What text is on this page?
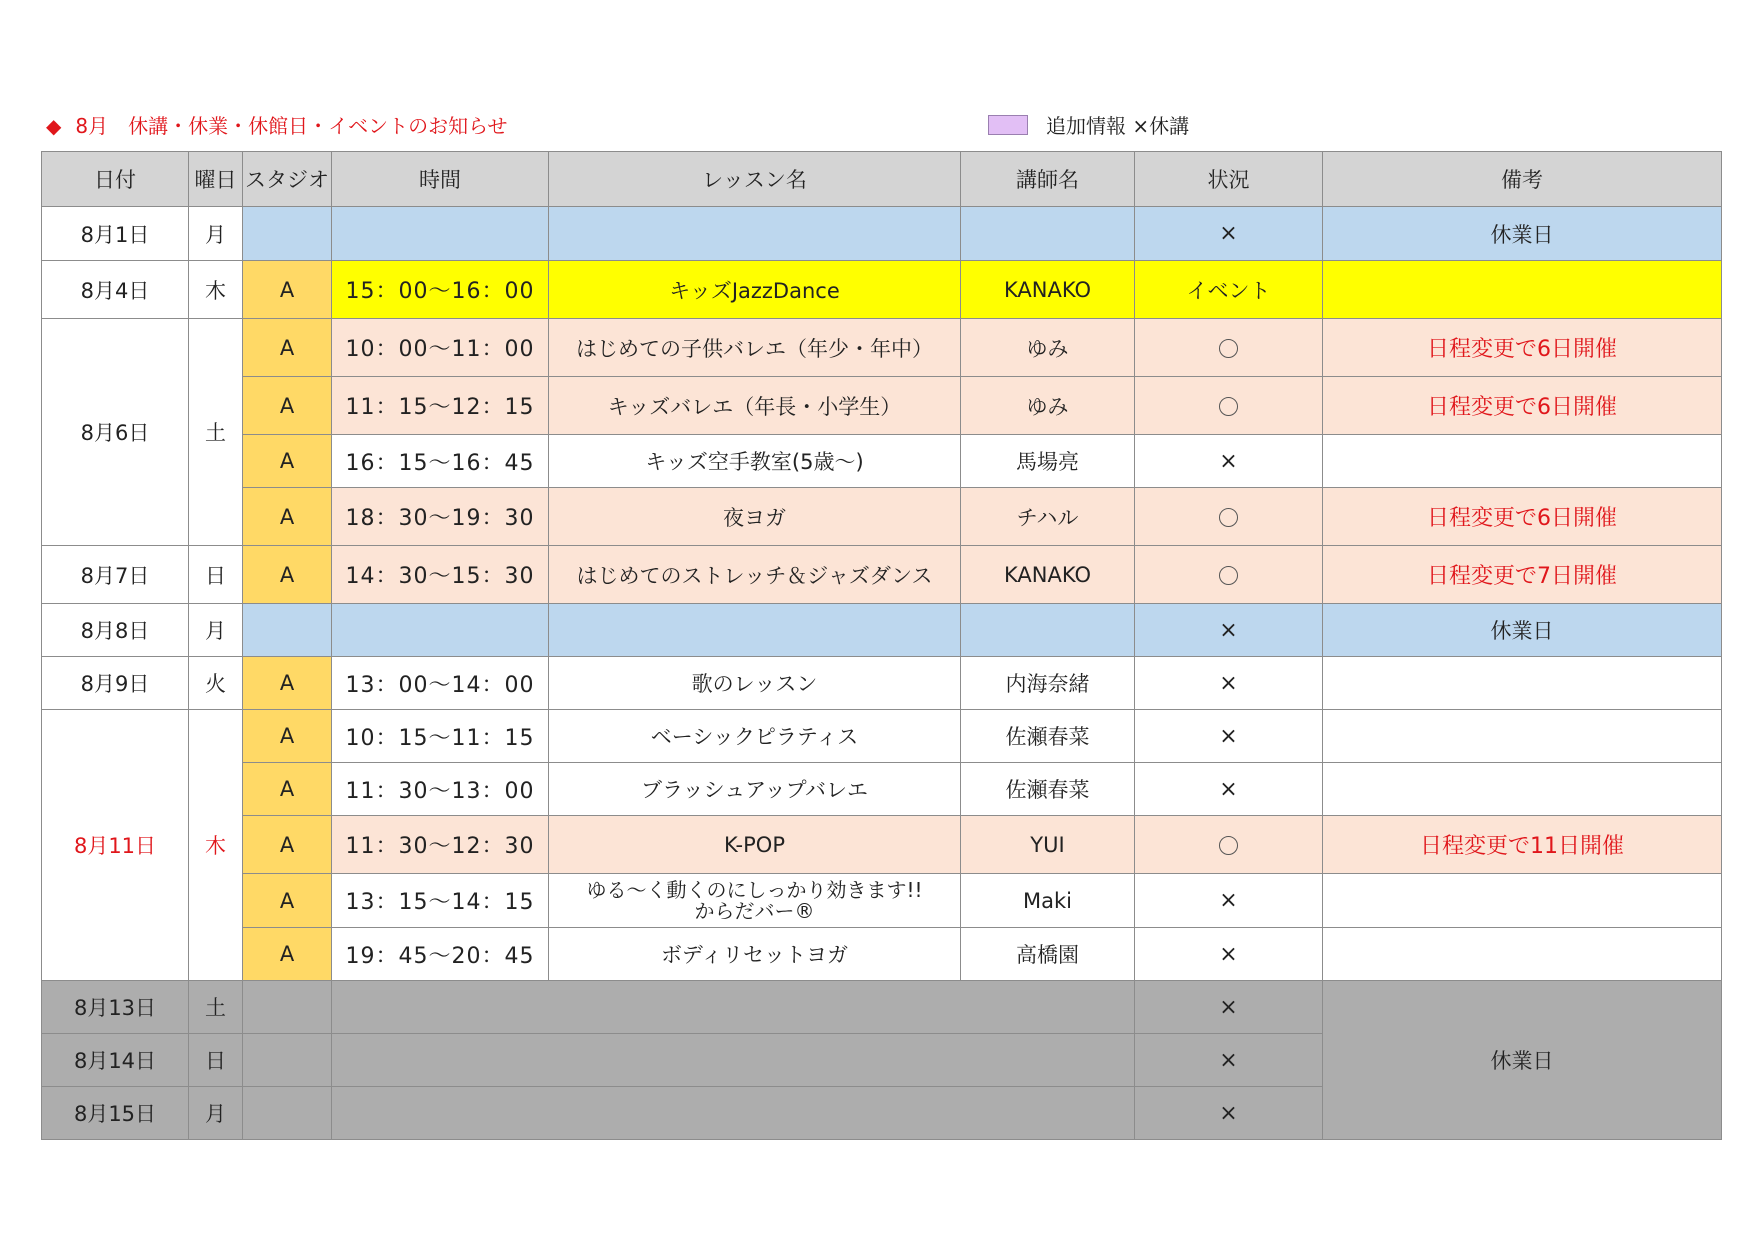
◆ 8月　休講・休業・休館日・イベントのお知らせ	追加情報 ×休講
日付	曜日	スタジオ	時間	レッスン名	講師名	状況	備考
8月1日	月					×	休業日
8月4日	木	A	15：00～16：00	キッズJazzDance	KANAKO	イベント	
8月6日	土	A	10：00～11：00	はじめての子供バレエ（年少・年中）	ゆみ		日程変更で6日開催
		A	11：15～12：15	キッズバレエ（年長・小学生）	ゆみ		日程変更で6日開催
		A	16：15～16：45	キッズ空手教室(5歳～)	馬場亮	×	
		A	18：30～19：30	夜ヨガ	チハル		日程変更で6日開催
8月7日	日	A	14：30～15：30	はじめてのストレッチ＆ジャズダンス	KANAKO		日程変更で7日開催
8月8日	月					×	休業日
8月9日	火	A	13：00～14：00	歌のレッスン	内海奈緒	×	
8月11日	木	A	10：15～11：15	ベーシックピラティス	佐瀬春菜	×	
		A	11：30～13：00	ブラッシュアップバレエ	佐瀬春菜	×	
		A	11：30～12：30	K-POP	YUI		日程変更で11日開催
		A	13：15～14：15	ゆる～く動くのにしっかり効きます!!
からだバー®	Maki	×	
		A	19：45～20：45	ボディリセットヨガ	高橋園	×	
8月13日	土					×	休業日
8月14日	日					×	
8月15日	月					×	
